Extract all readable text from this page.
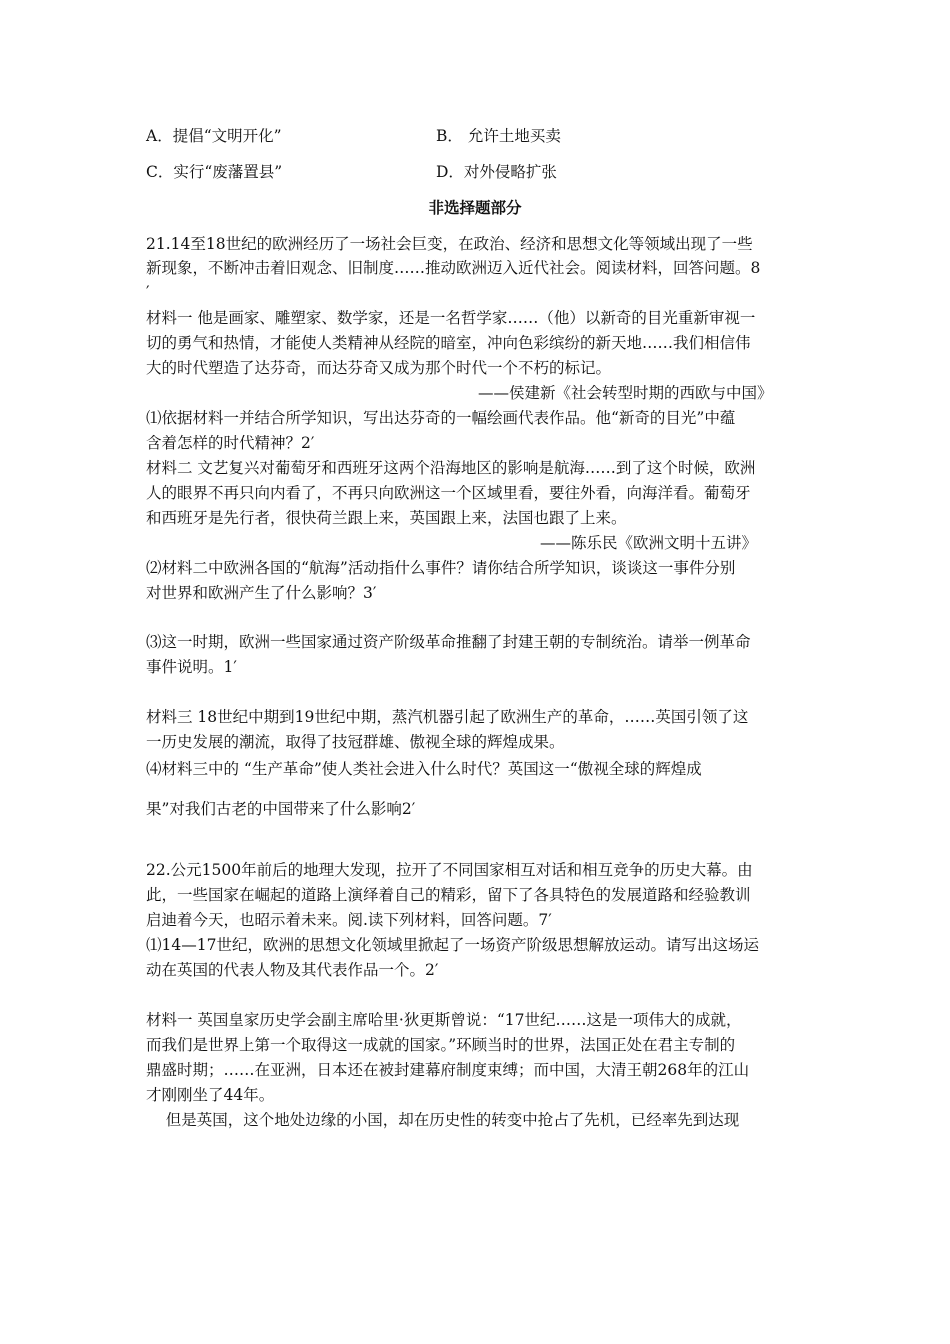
A．提倡“文明开化”	B． 允许土地买卖
C．实行“废藩置县”	D．对外侵略扩张
非选择题部分
21.14至18世纪的欧洲经历了一场社会巨变，在政治、经济和思想文化等领域出现了一些
新现象，不断冲击着旧观念、旧制度……推动欧洲迈入近代社会。阅读材料，回答问题。8
′
材料一 他是画家、雕塑家、数学家，还是一名哲学家……（他）以新奇的目光重新审视一
切的勇气和热情，才能使人类精神从经院的暗室，冲向色彩缤纷的新天地……我们相信伟
大的时代塑造了达芬奇，而达芬奇又成为那个时代一个不朽的标记。
——侯建新《社会转型时期的西欧与中国》
⑴依据材料一并结合所学知识，写出达芬奇的一幅绘画代表作品。他“新奇的目光”中蕴
含着怎样的时代精神？2′
材料二 文艺复兴对葡萄牙和西班牙这两个沿海地区的影响是航海……到了这个时候，欧洲
人的眼界不再只向内看了，不再只向欧洲这一个区域里看，要往外看，向海洋看。葡萄牙
和西班牙是先行者，很快荷兰跟上来，英国跟上来，法国也跟了上来。
——陈乐民《欧洲文明十五讲》
⑵材料二中欧洲各国的“航海”活动指什么事件？请你结合所学知识，谈谈这一事件分别
对世界和欧洲产生了什么影响？3′
⑶这一时期，欧洲一些国家通过资产阶级革命推翻了封建王朝的专制统治。请举一例革命
事件说明。1′
材料三 18世纪中期到19世纪中期，蒸汽机器引起了欧洲生产的革命，……英国引领了这
一历史发展的潮流，取得了技冠群雄、傲视全球的辉煌成果。
⑷材料三中的 “生产革命”使人类社会进入什么时代？英国这一“傲视全球的辉煌成
果”对我们古老的中国带来了什么影响2′
22.公元1500年前后的地理大发现，拉开了不同国家相互对话和相互竞争的历史大幕。由
此，一些国家在崛起的道路上演绎着自己的精彩，留下了各具特色的发展道路和经验教训
启迪着今天，也昭示着未来。阅.读下列材料，回答问题。7′
⑴14—17世纪，欧洲的思想文化领域里掀起了一场资产阶级思想解放运动。请写出这场运
动在英国的代表人物及其代表作品一个。2′
材料一 英国皇家历史学会副主席哈里·狄更斯曾说：“17世纪……这是一项伟大的成就，
而我们是世界上第一个取得这一成就的国家。”环顾当时的世界，法国正处在君主专制的
鼎盛时期；……在亚洲，日本还在被封建幕府制度束缚；而中国，大清王朝268年的江山
才刚刚坐了44年。
但是英国，这个地处边缘的小国，却在历史性的转变中抢占了先机，已经率先到达现
